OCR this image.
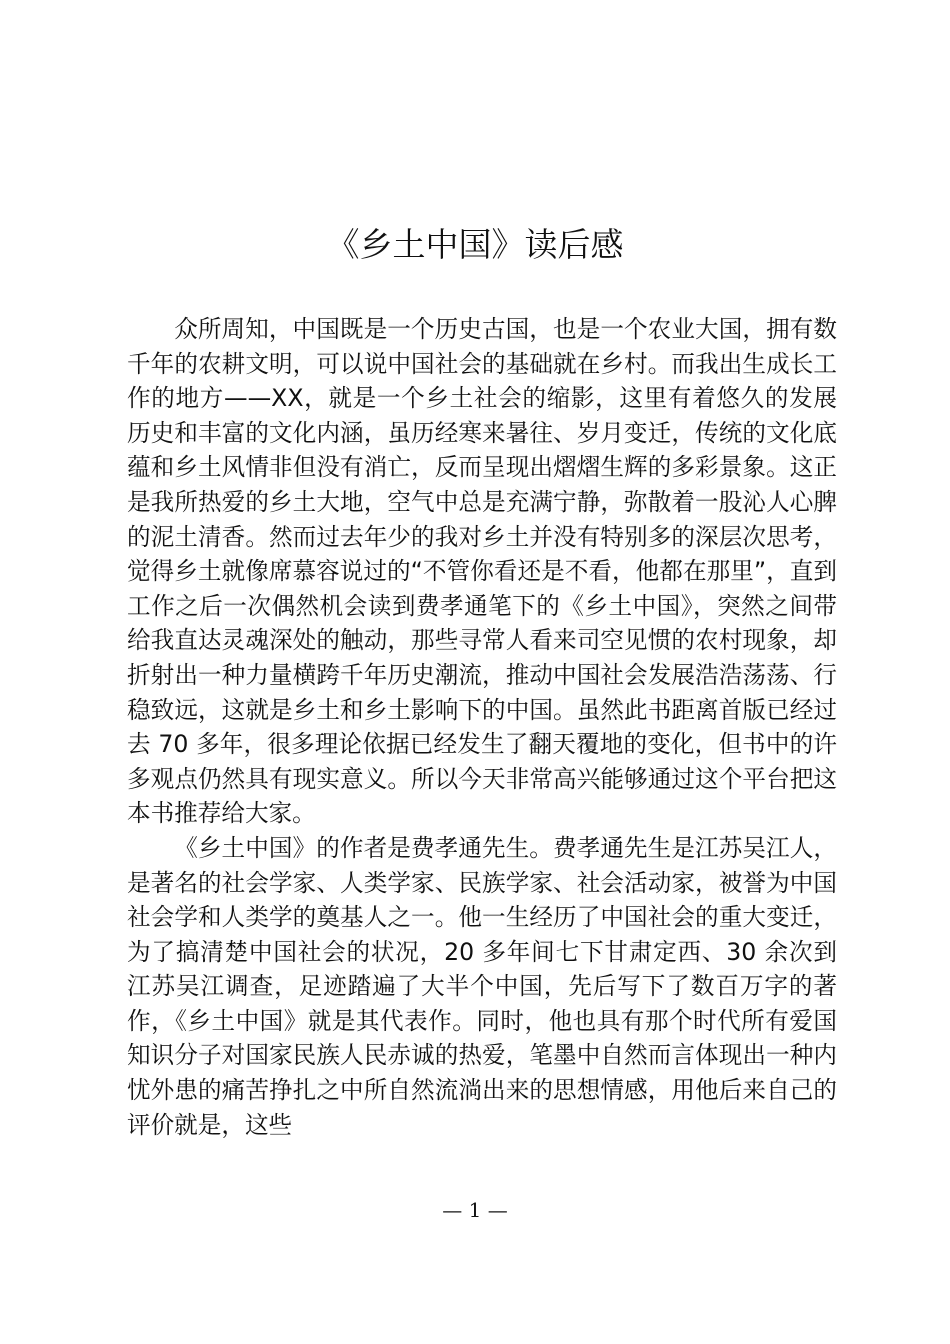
《乡土中国》读后感

众所周知，中国既是一个历史古国，也是一个农业大国，拥有数千年的农耕文明，可以说中国社会的基础就在乡村。而我出生成长工作的地方——XX，就是一个乡土社会的缩影，这里有着悠久的发展历史和丰富的文化内涵，虽历经寒来暑往、岁月变迁，传统的文化底蕴和乡土风情非但没有消亡，反而呈现出熠熠生辉的多彩景象。这正是我所热爱的乡土大地，空气中总是充满宁静，弥散着一股沁人心脾的泥土清香。然而过去年少的我对乡土并没有特别多的深层次思考，觉得乡土就像席慕容说过的“不管你看还是不看，他都在那里”，直到工作之后一次偶然机会读到费孝通笔下的《乡土中国》，突然之间带给我直达灵魂深处的触动，那些寻常人看来司空见惯的农村现象，却折射出一种力量横跨千年历史潮流，推动中国社会发展浩浩荡荡、行稳致远，这就是乡土和乡土影响下的中国。虽然此书距离首版已经过去 70 多年，很多理论依据已经发生了翻天覆地的变化，但书中的许多观点仍然具有现实意义。所以今天非常高兴能够通过这个平台把这本书推荐给大家。

《乡土中国》的作者是费孝通先生。费孝通先生是江苏吴江人，是著名的社会学家、人类学家、民族学家、社会活动家，被誉为中国社会学和人类学的奠基人之一。他一生经历了中国社会的重大变迁，为了搞清楚中国社会的状况，20 多年间七下甘肃定西、30 余次到江苏吴江调查，足迹踏遍了大半个中国，先后写下了数百万字的著作，《乡土中国》就是其代表作。同时，他也具有那个时代所有爱国知识分子对国家民族人民赤诚的热爱，笔墨中自然而言体现出一种内忧外患的痛苦挣扎之中所自然流淌出来的思想情感，用他后来自己的评价就是，这些

— 1 —
